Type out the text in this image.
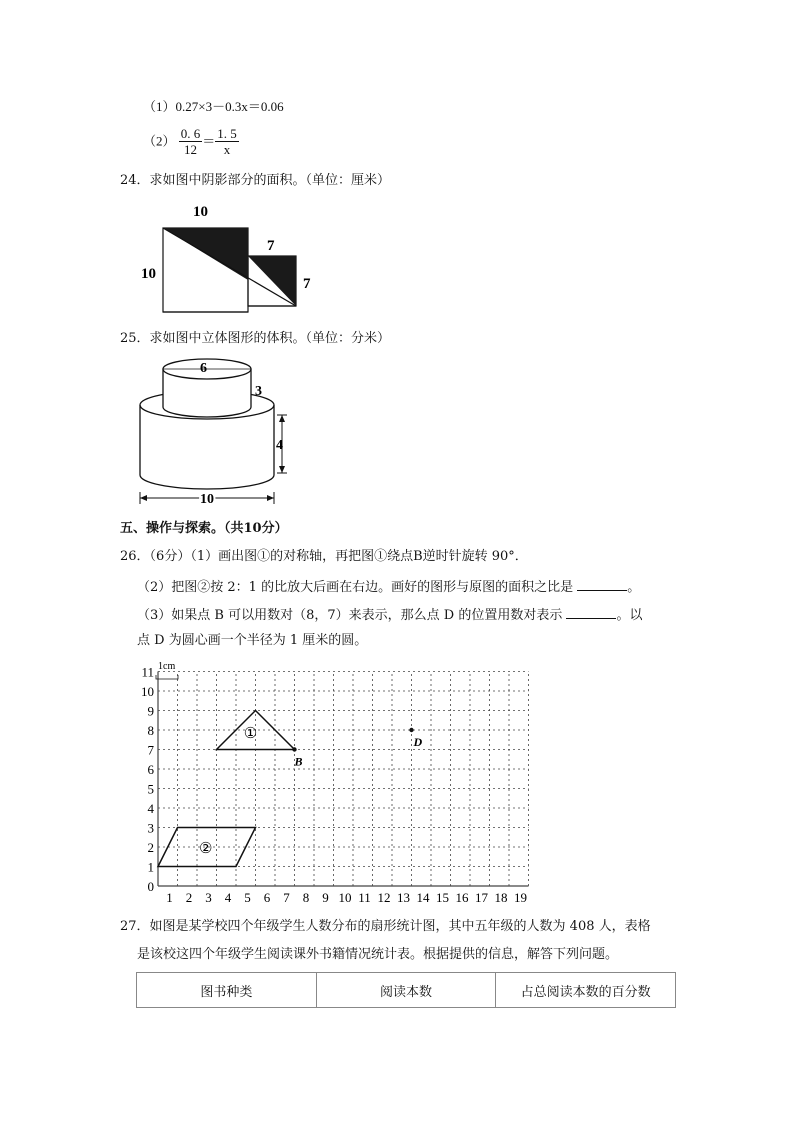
（1）0.27×3－0.3x＝0.06
$(2) \frac{0. 6}{12} = \frac{1. 5}{x}$
24．求如图中阴影部分的面积。（单位：厘米）
10
10
7
7
25．求如图中立体图形的体积。（单位：分米）
6
3
4
10
五、操作与探索。（共10分）
26．（6分）（1）画出图①的对称轴，再把图①绕点B逆时针旋转 90°．
（2）把图②按 2：1 的比放大后画在右边。画好的图形与原图的面积之比是	。
（3）如果点 B 可以用数对（8，7）来表示，那么点 D 的位置用数对表示	。以
点 D 为圆心画一个半径为 1 厘米的圆。
0
1
2
3
4
5
6
7
8
9
10
11
1 2 3 4 5 6 7 8 9 10 11 12 13 14 15 16 17 18 19
1cm
B
D
①
②
27．如图是某学校四个年级学生人数分布的扇形统计图，其中五年级的人数为 408 人，表格
是该校这四个年级学生阅读课外书籍情况统计表。根据提供的信息，解答下列问题。
图书种类	阅读本数	占总阅读本数的百分数
